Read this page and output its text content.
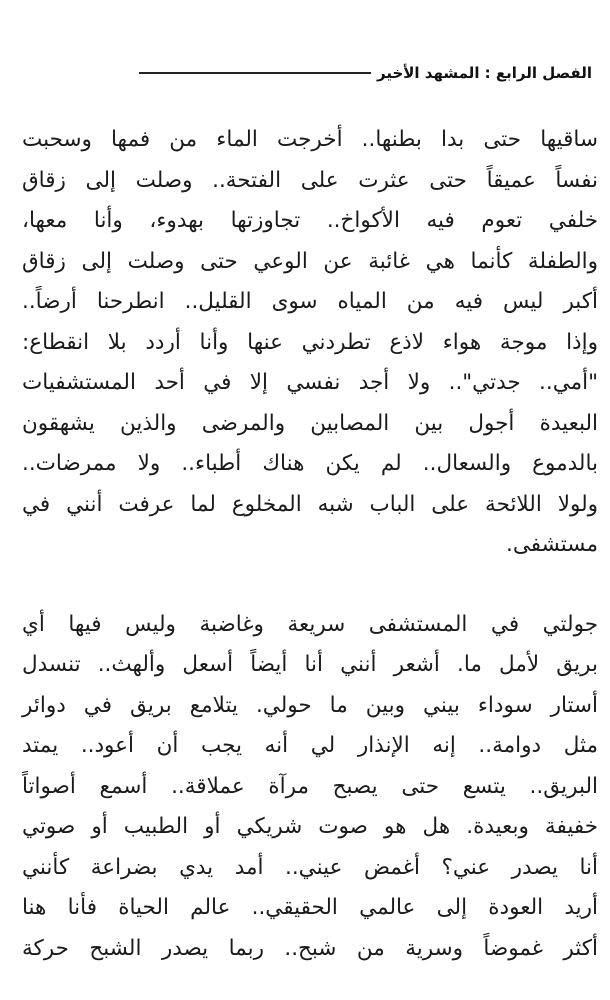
الفصل الرابع : المشهد الأخير
ساقيها حتى بدا بطنها.. أخرجت الماء من فمها وسحبت
نفساً عميقاً حتى عثرت على الفتحة.. وصلت إلى زقاق
خلفي تعوم فيه الأكواخ.. تجاوزتها بهدوء، وأنا معها،
والطفلة كأنما هي غائبة عن الوعي حتى وصلت إلى زقاق
أكبر ليس فيه من المياه سوى القليل.. انطرحنا أرضاً..
وإذا موجة هواء لاذع تطردني عنها وأنا أردد بلا انقطاع:
"أمي.. جدتي".. ولا أجد نفسي إلا في أحد المستشفيات
البعيدة أجول بين المصابين والمرضى والذين يشهقون
بالدموع والسعال.. لم يكن هناك أطباء.. ولا ممرضات..
ولولا اللائحة على الباب شبه المخلوع لما عرفت أنني في
مستشفى.
جولتي في المستشفى سريعة وغاضبة وليس فيها أي
بريق لأمل ما. أشعر أنني أنا أيضاً أسعل وألهث.. تنسدل
أستار سوداء بيني وبين ما حولي. يتلامع بريق في دوائر
مثل دوامة.. إنه الإنذار لي أنه يجب أن أعود.. يمتد
البريق.. يتسع حتى يصبح مرآة عملاقة.. أسمع أصواتاً
خفيفة وبعيدة. هل هو صوت شريكي أو الطبيب أو صوتي
أنا يصدر عني؟ أغمض عيني.. أمد يدي بضراعة كأنني
أريد العودة إلى عالمي الحقيقي.. عالم الحياة فأنا هنا
أكثر غموضاً وسرية من شبح.. ربما يصدر الشبح حركة
